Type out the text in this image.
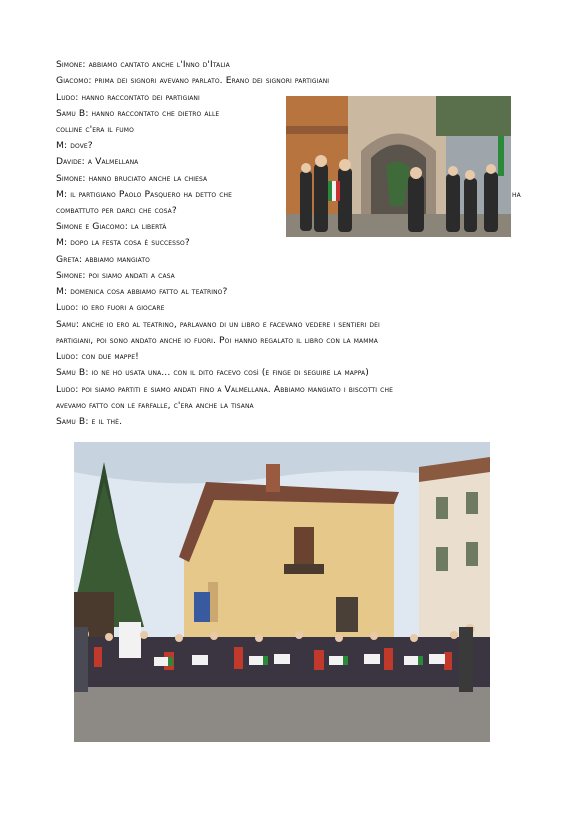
Simone: abbiamo cantato anche l'Inno d'Italia
Giacomo: prima dei signori avevano parlato. Erano dei signori partigiani
Ludo: hanno raccontato dei partigiani
Samu B: hanno raccontato che dietro alle
colline c'era il fumo
M: dove?
Davide: a Valmellana
Simone: hanno bruciato anche la chiesa
M: il partigiano Paolo Pasquero ha detto che
combattuto per darci che cosa?
Simone e Giacomo: la libertà
M: dopo la festa cosa è successo?
Greta: abbiamo mangiato
Simone: poi siamo andati a casa
M: domenica cosa abbiamo fatto al teatrino?
Ludo: io ero fuori a giocare
Samu: anche io ero al teatrino, parlavano di un libro e facevano vedere i sentieri dei
partigiani, poi sono andato anche io fuori. Poi hanno regalato il libro con la mamma
Ludo: con due mappe!
Samu B: io ne ho usata una... con il dito facevo così (e finge di seguire la mappa)
Ludo: poi siamo partiti e siamo andati fino a Valmellana. Abbiamo mangiato i biscotti che
avevamo fatto con le farfalle, c'era anche la tisana
Samu B: e il thè.
ha
